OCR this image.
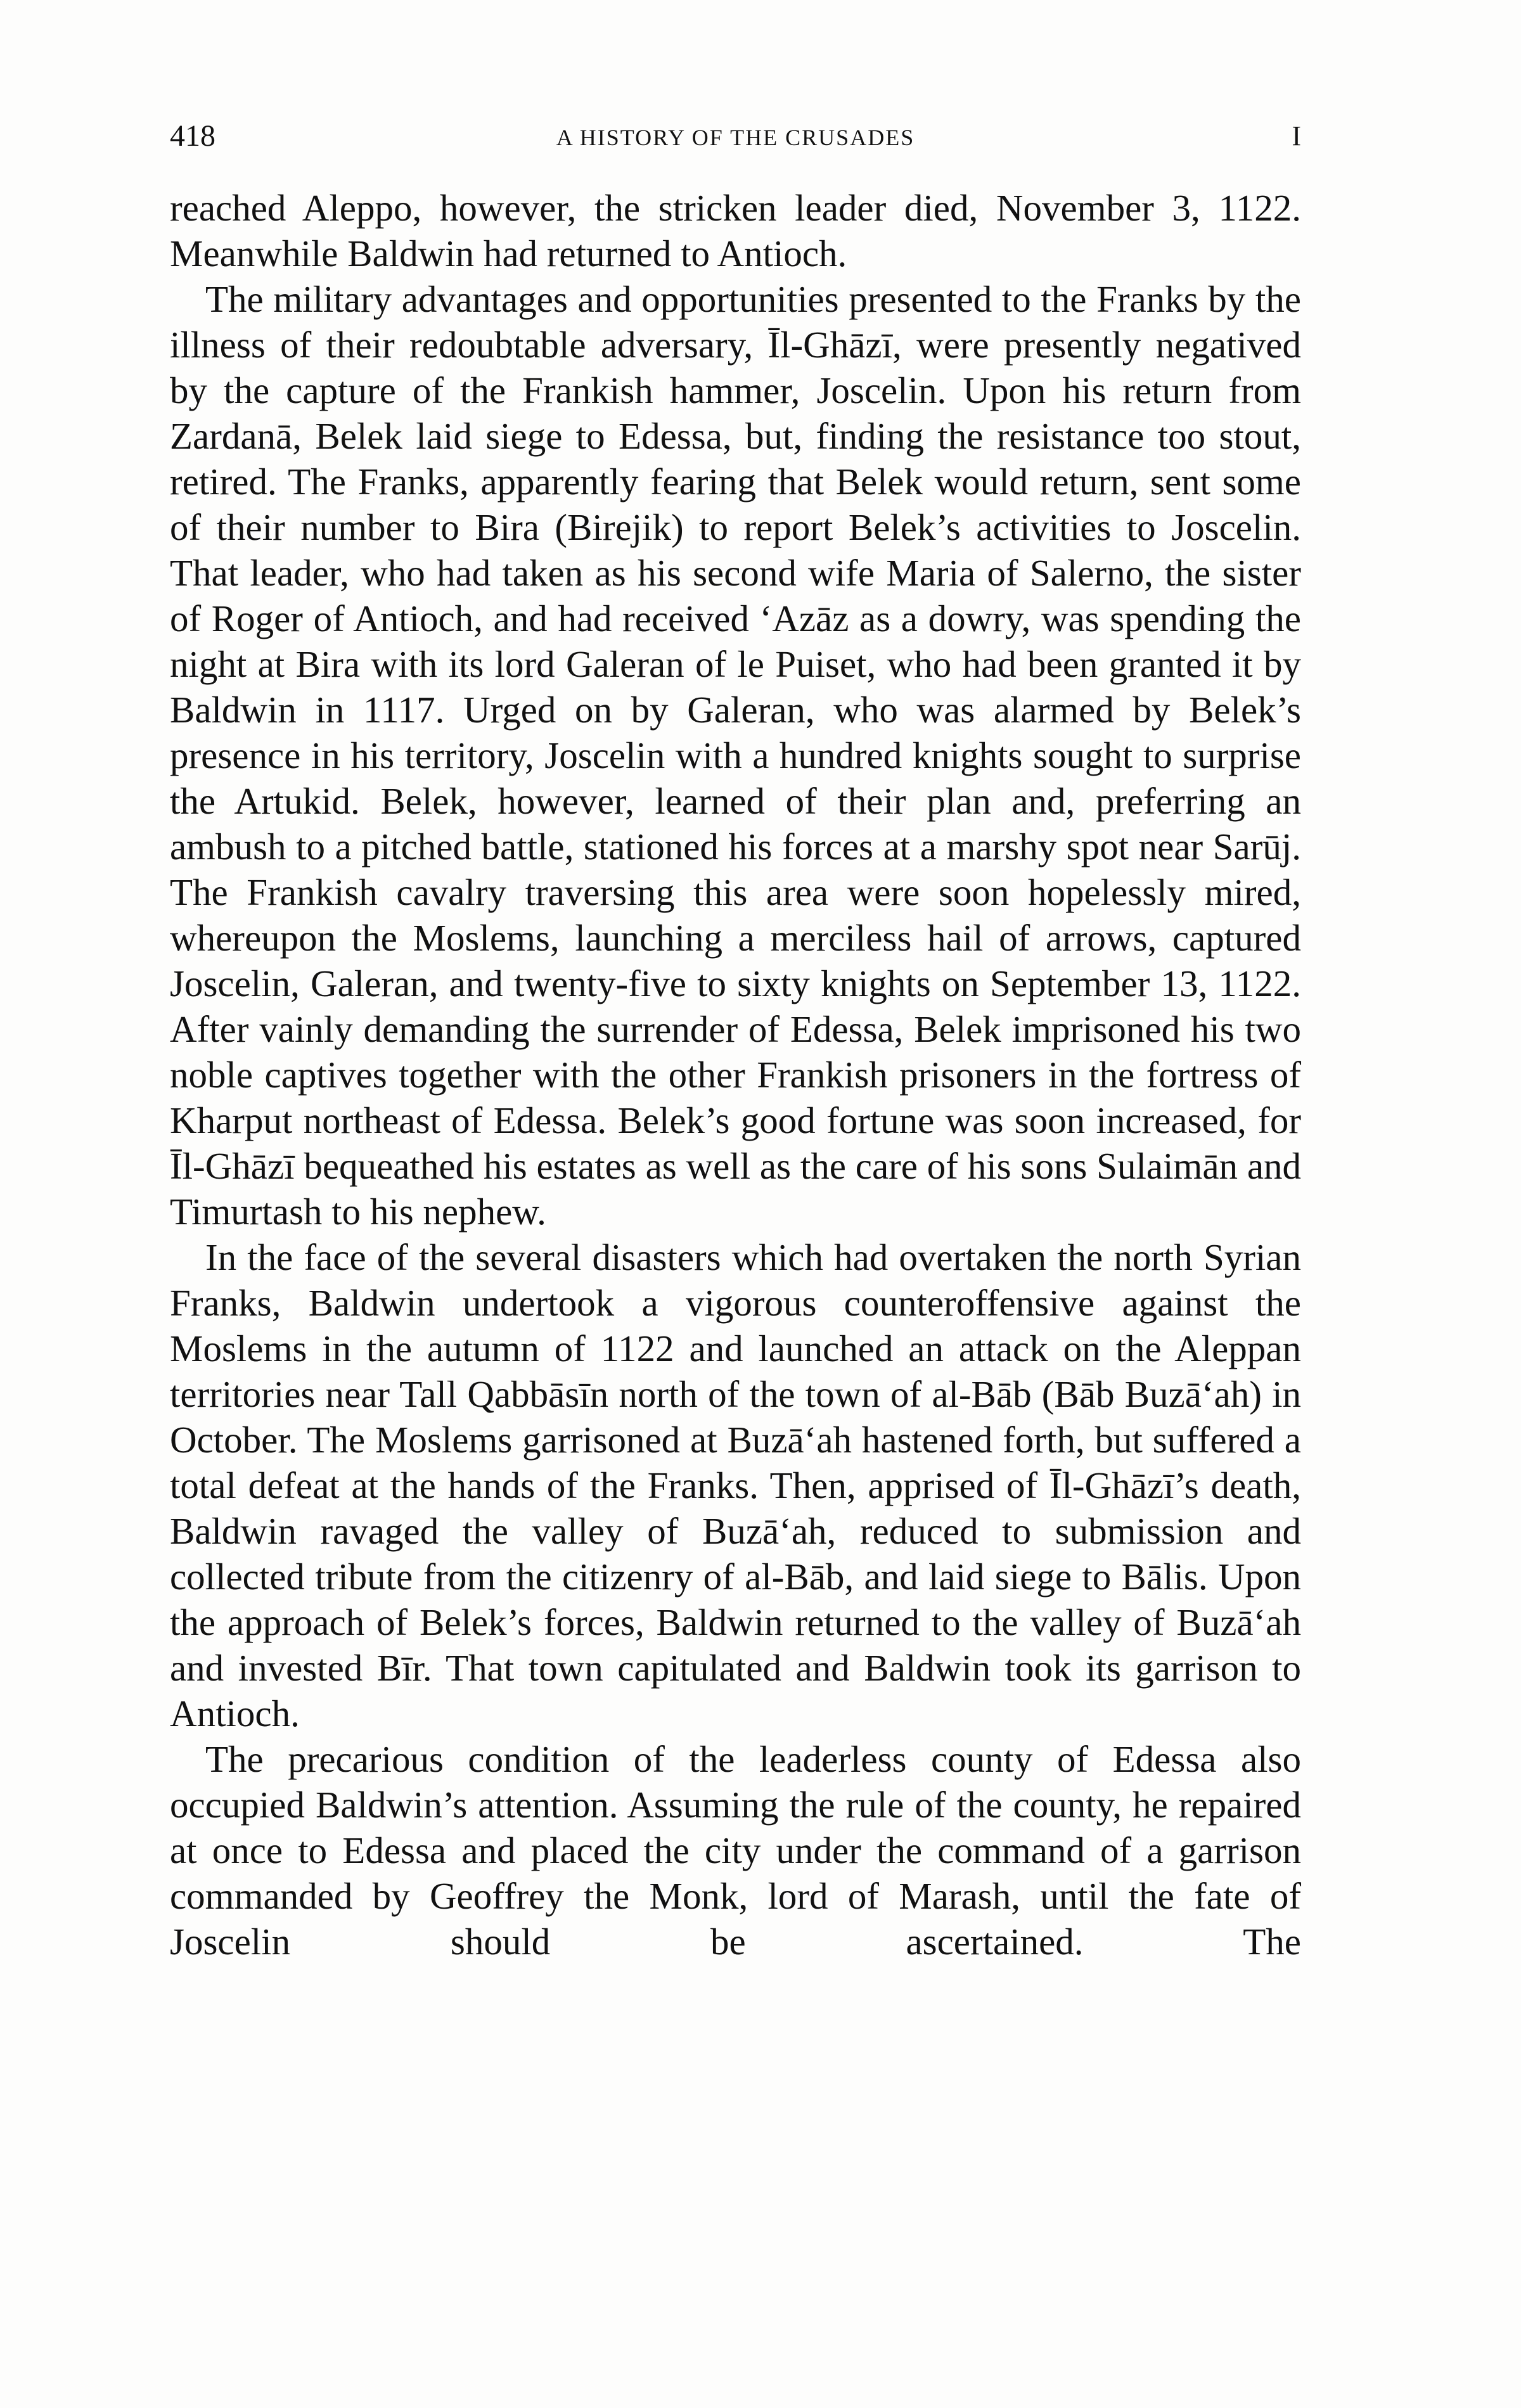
418	A HISTORY OF THE CRUSADES	I

reached Aleppo, however, the stricken leader died, November 3, 1122. Meanwhile Baldwin had returned to Antioch.

The military advantages and opportunities presented to the Franks by the illness of their redoubtable adversary, Īl-Ghāzī, were presently negatived by the capture of the Frankish hammer, Joscelin. Upon his return from Zardanā, Belek laid siege to Edessa, but, finding the resistance too stout, retired. The Franks, apparently fearing that Belek would return, sent some of their number to Bira (Birejik) to report Belek’s activities to Joscelin. That leader, who had taken as his second wife Maria of Salerno, the sister of Roger of Antioch, and had received ‘Azāz as a dowry, was spending the night at Bira with its lord Galeran of le Puiset, who had been granted it by Baldwin in 1117. Urged on by Galeran, who was alarmed by Belek’s presence in his territory, Joscelin with a hundred knights sought to surprise the Artukid. Belek, however, learned of their plan and, preferring an ambush to a pitched battle, stationed his forces at a marshy spot near Sarūj. The Frankish cavalry traversing this area were soon hopelessly mired, whereupon the Moslems, launching a merciless hail of arrows, captured Joscelin, Galeran, and twenty-five to sixty knights on September 13, 1122. After vainly demanding the surrender of Edessa, Belek imprisoned his two noble captives together with the other Frankish prisoners in the fortress of Kharput northeast of Edessa. Belek’s good fortune was soon increased, for Īl-Ghāzī bequeathed his estates as well as the care of his sons Sulaimān and Timurtash to his nephew.

In the face of the several disasters which had overtaken the north Syrian Franks, Baldwin undertook a vigorous counteroffensive against the Moslems in the autumn of 1122 and launched an attack on the Aleppan territories near Tall Qabbāsīn north of the town of al-Bāb (Bāb Buzā‘ah) in October. The Moslems garrisoned at Buzā‘ah hastened forth, but suffered a total defeat at the hands of the Franks. Then, apprised of Īl-Ghāzī’s death, Baldwin ravaged the valley of Buzā‘ah, reduced to submission and collected tribute from the citizenry of al-Bāb, and laid siege to Bālis. Upon the approach of Belek’s forces, Baldwin returned to the valley of Buzā‘ah and invested Bīr. That town capitulated and Baldwin took its garrison to Antioch.

The precarious condition of the leaderless county of Edessa also occupied Baldwin’s attention. Assuming the rule of the county, he repaired at once to Edessa and placed the city under the command of a garrison commanded by Geoffrey the Monk, lord of Marash, until the fate of Joscelin should be ascertained. The
